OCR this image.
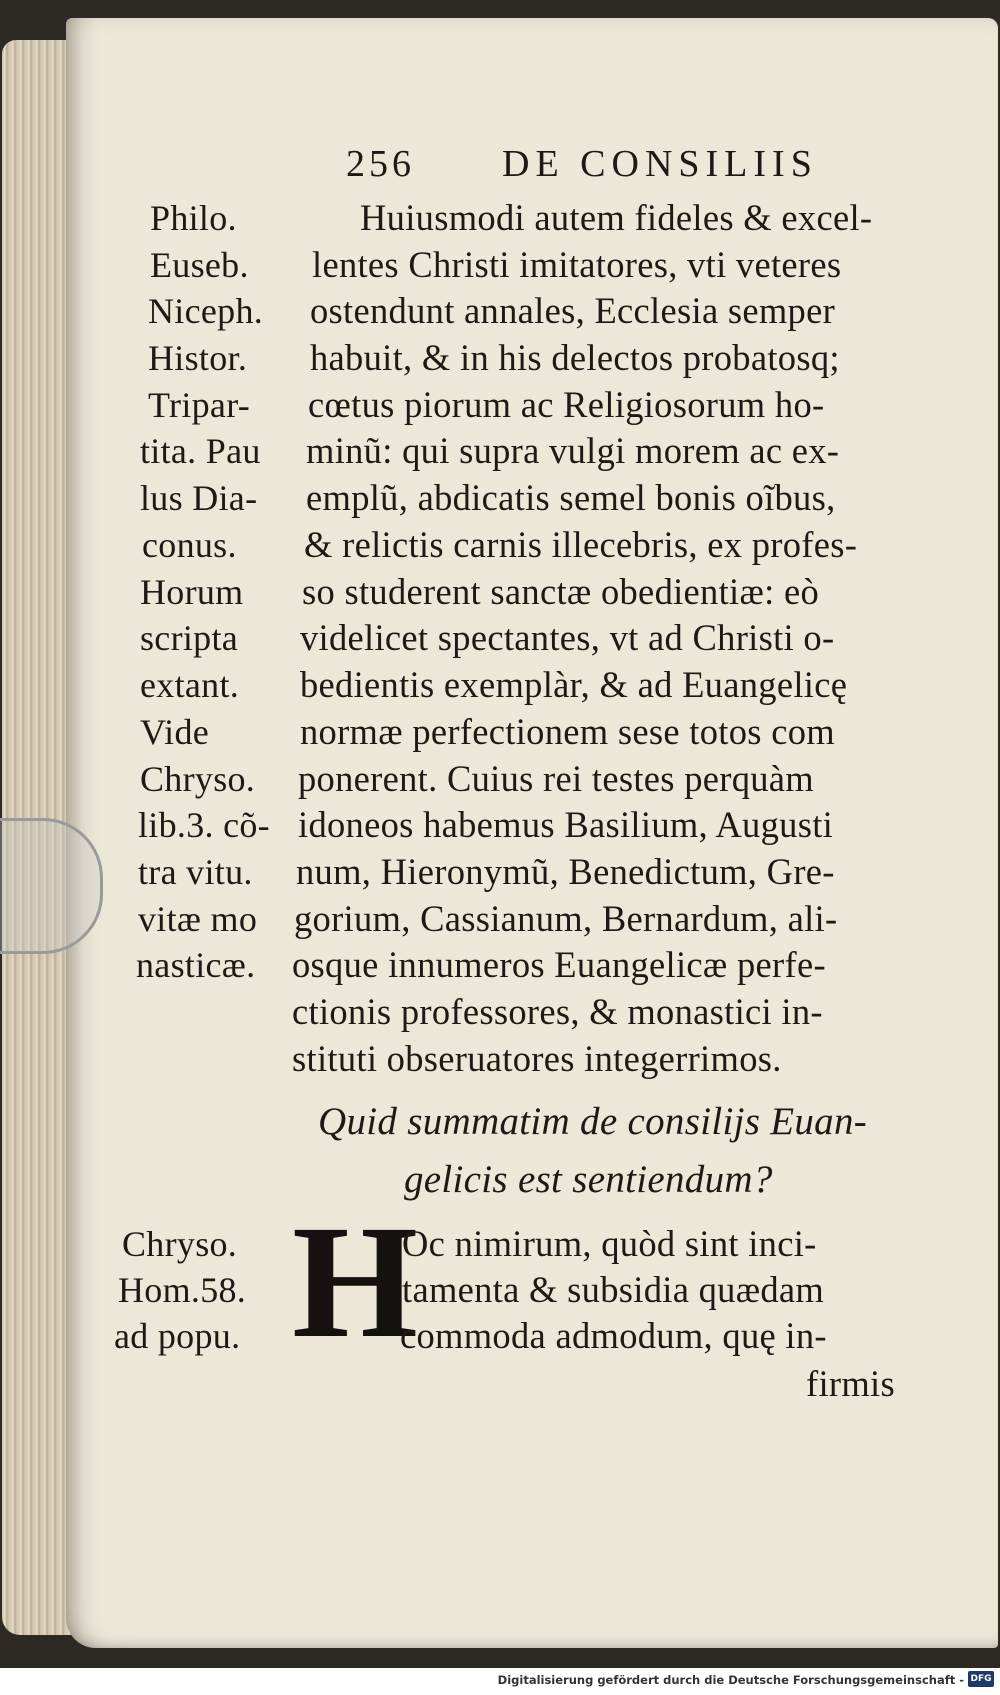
256 DE CONSILIIS

Philo.

Euseb.

Niceph.

Histor.

Tripar-

tita. Pau

lus Dia-

conus.

Horum

scripta

extant.

Vide

Chryso.

lib.3. cõ-

tra vitu.

vitæ mo

nasticæ.

Huiusmodi autem fideles & excel-

lentes Christi imitatores, vti veteres

ostendunt annales, Ecclesia semper

habuit, & in his delectos probatosq;

cœtus piorum ac Religiosorum ho-

minũ: qui supra vulgi morem ac ex-

emplũ, abdicatis semel bonis oĩbus,

& relictis carnis illecebris, ex profes-

so studerent sanctæ obedientiæ: eò

videlicet spectantes, vt ad Christi o-

bedientis exemplàr, & ad Euangelicę

normæ perfectionem sese totos com

ponerent. Cuius rei testes perquàm

idoneos habemus Basilium, Augusti

num, Hieronymũ, Benedictum, Gre-

gorium, Cassianum, Bernardum, ali-

osque innumeros Euangelicæ perfe-

ctionis professores, & monastici in-

stituti obseruatores integerrimos.

Quid summatim de consilijs Euan-

gelicis est sentiendum?

Chryso.

Hom.58.

ad popu. H

Oc nimirum, quòd sint inci-

tamenta & subsidia quædam

commoda admodum, quę in-

firmis

Digitalisierung gefördert durch die Deutsche Forschungsgemeinschaft - DFG
